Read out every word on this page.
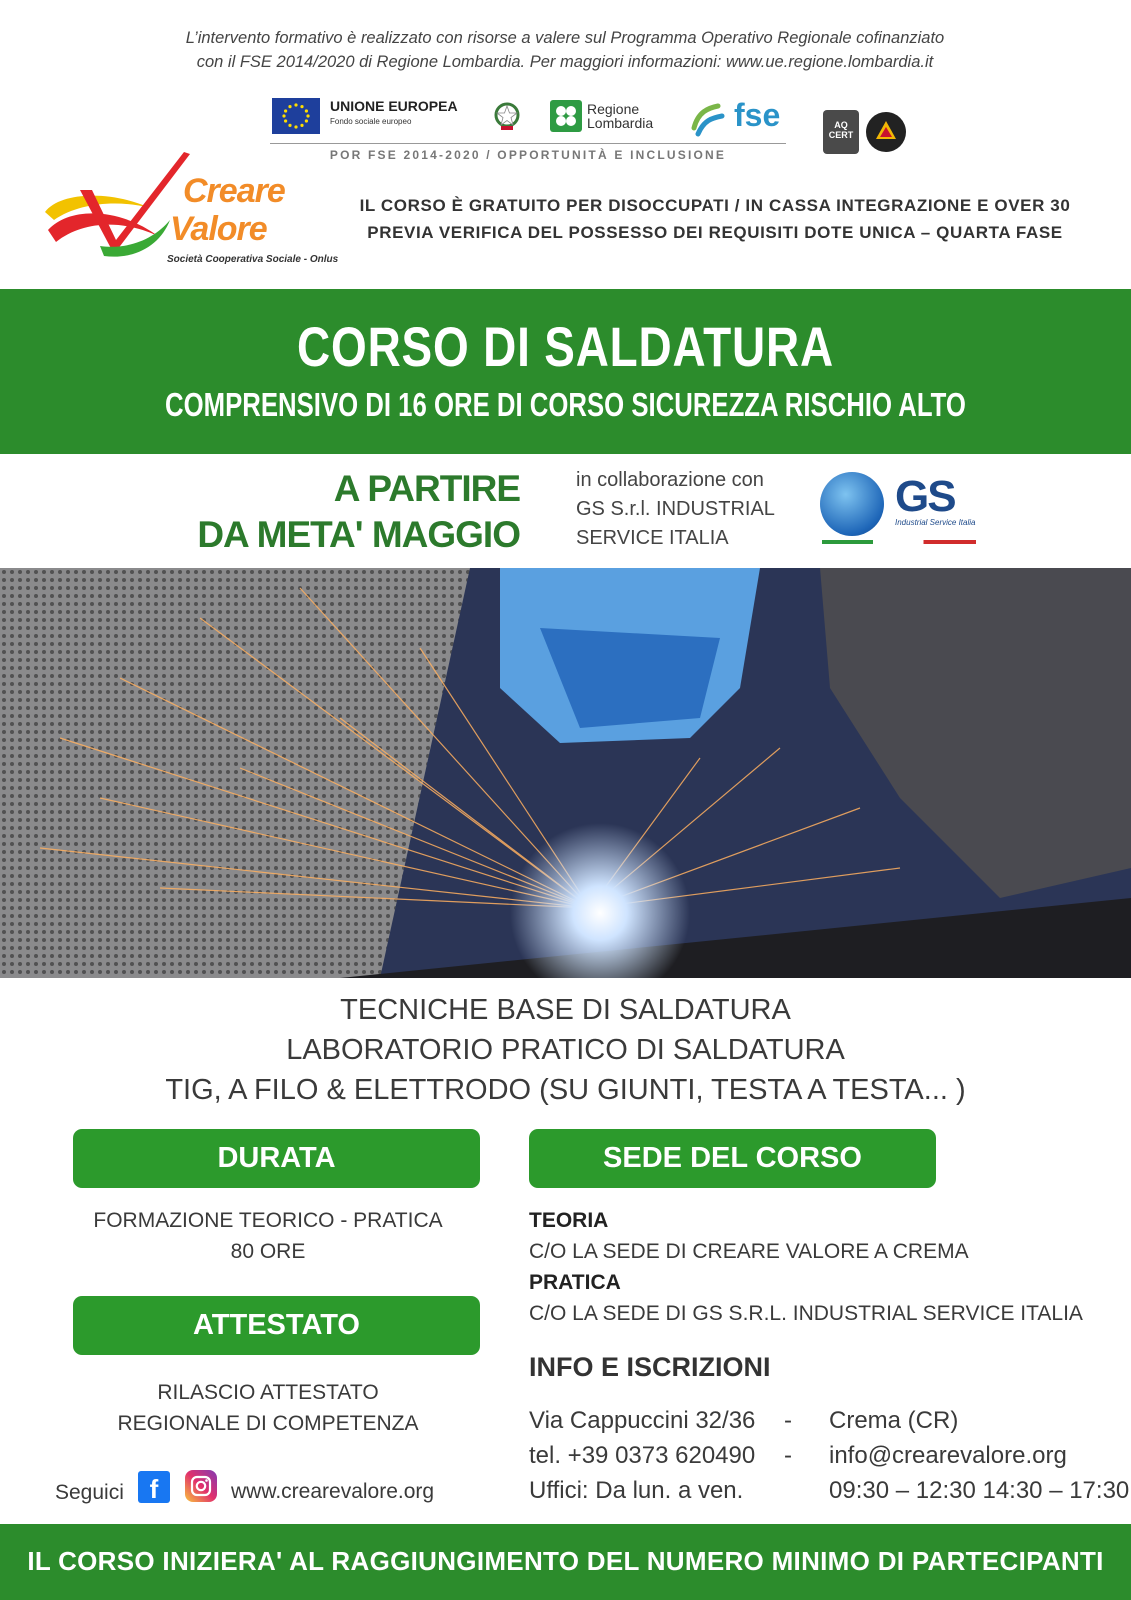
L’intervento formativo è realizzato con risorse a valere sul Programma Operativo Regionale cofinanziato
con il FSE 2014/2020 di Regione Lombardia. Per maggiori informazioni: www.ue.regione.lombardia.it
UNIONE EUROPEA
Fondo sociale europeo
Regione
Lombardia	fse
POR FSE 2014-2020 / OPPORTUNITÀ E INCLUSIONE
AQ CERT
Creare
Valore
Società Cooperativa Sociale - Onlus
IL CORSO È GRATUITO PER DISOCCUPATI / IN CASSA INTEGRAZIONE E OVER 30
PREVIA VERIFICA DEL POSSESSO DEI REQUISITI DOTE UNICA – QUARTA FASE
CORSO DI SALDATURA
COMPRENSIVO DI 16 ORE DI CORSO SICUREZZA RISCHIO ALTO
A PARTIRE
DA META' MAGGIO
in collaborazione con
GS S.r.l. INDUSTRIAL
SERVICE ITALIA
GS
Industrial Service Italia
TECNICHE BASE DI SALDATURA
LABORATORIO PRATICO DI SALDATURA
TIG, A FILO & ELETTRODO (SU GIUNTI, TESTA A TESTA... )
DURATA
FORMAZIONE TEORICO - PRATICA
80 ORE
ATTESTATO
RILASCIO ATTESTATO
REGIONALE DI COMPETENZA
SEDE DEL CORSO
TEORIA
C/O LA SEDE DI CREARE VALORE A CREMA
PRATICA
C/O LA SEDE DI GS S.R.L. INDUSTRIAL SERVICE ITALIA
INFO E ISCRIZIONI
Via Cappuccini 32/36 - Crema (CR)
tel. +39 0373 620490 - info@crearevalore.org
Uffici: Da lun. a ven.	09:30 – 12:30 14:30 – 17:30
Seguici f	www.crearevalore.org
IL CORSO INIZIERA' AL RAGGIUNGIMENTO DEL NUMERO MINIMO DI PARTECIPANTI
